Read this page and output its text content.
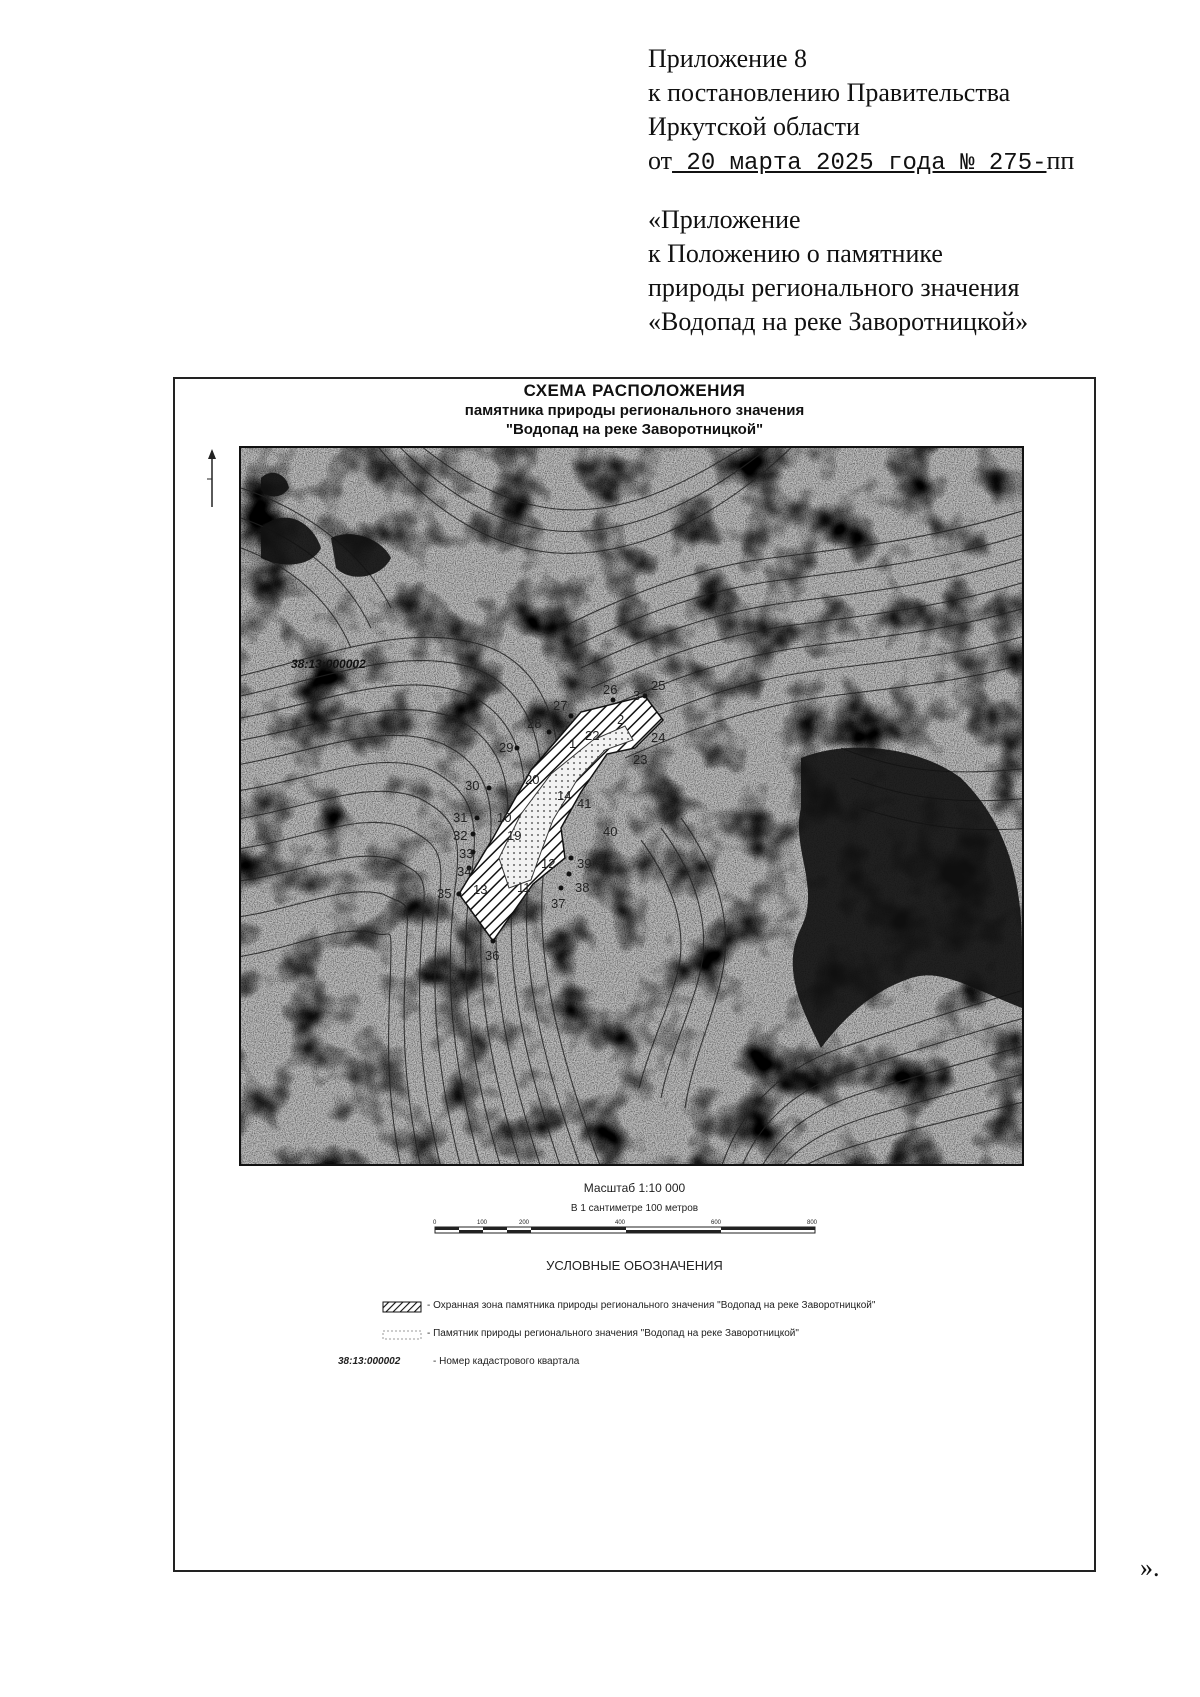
Приложение 8
к постановлению Правительства
Иркутской области
от 20 марта 2025 года № 275-пп
«Приложение
к Положению о памятнике
природы регионального значения
«Водопад на реке Заворотницкой»
СХЕМА РАСПОЛОЖЕНИЯ
памятника природы регионального значения
"Водопад на реке Заворотницкой"
25
26
27
28
29
30
31
32
33
34
35
36
37
38
39
40
41
3
2
1
23
24
19
10
14
11
12
13
20
22
38:13:000002
Масштаб 1:10 000
В 1 сантиметре 100 метров
0	100	200	400	600	800
УСЛОВНЫЕ ОБОЗНАЧЕНИЯ
- Охранная зона памятника природы регионального значения "Водопад на реке Заворотницкой"
- Памятник природы регионального значения "Водопад на реке Заворотницкой"
38:13:000002	- Номер кадастрового квартала
».
